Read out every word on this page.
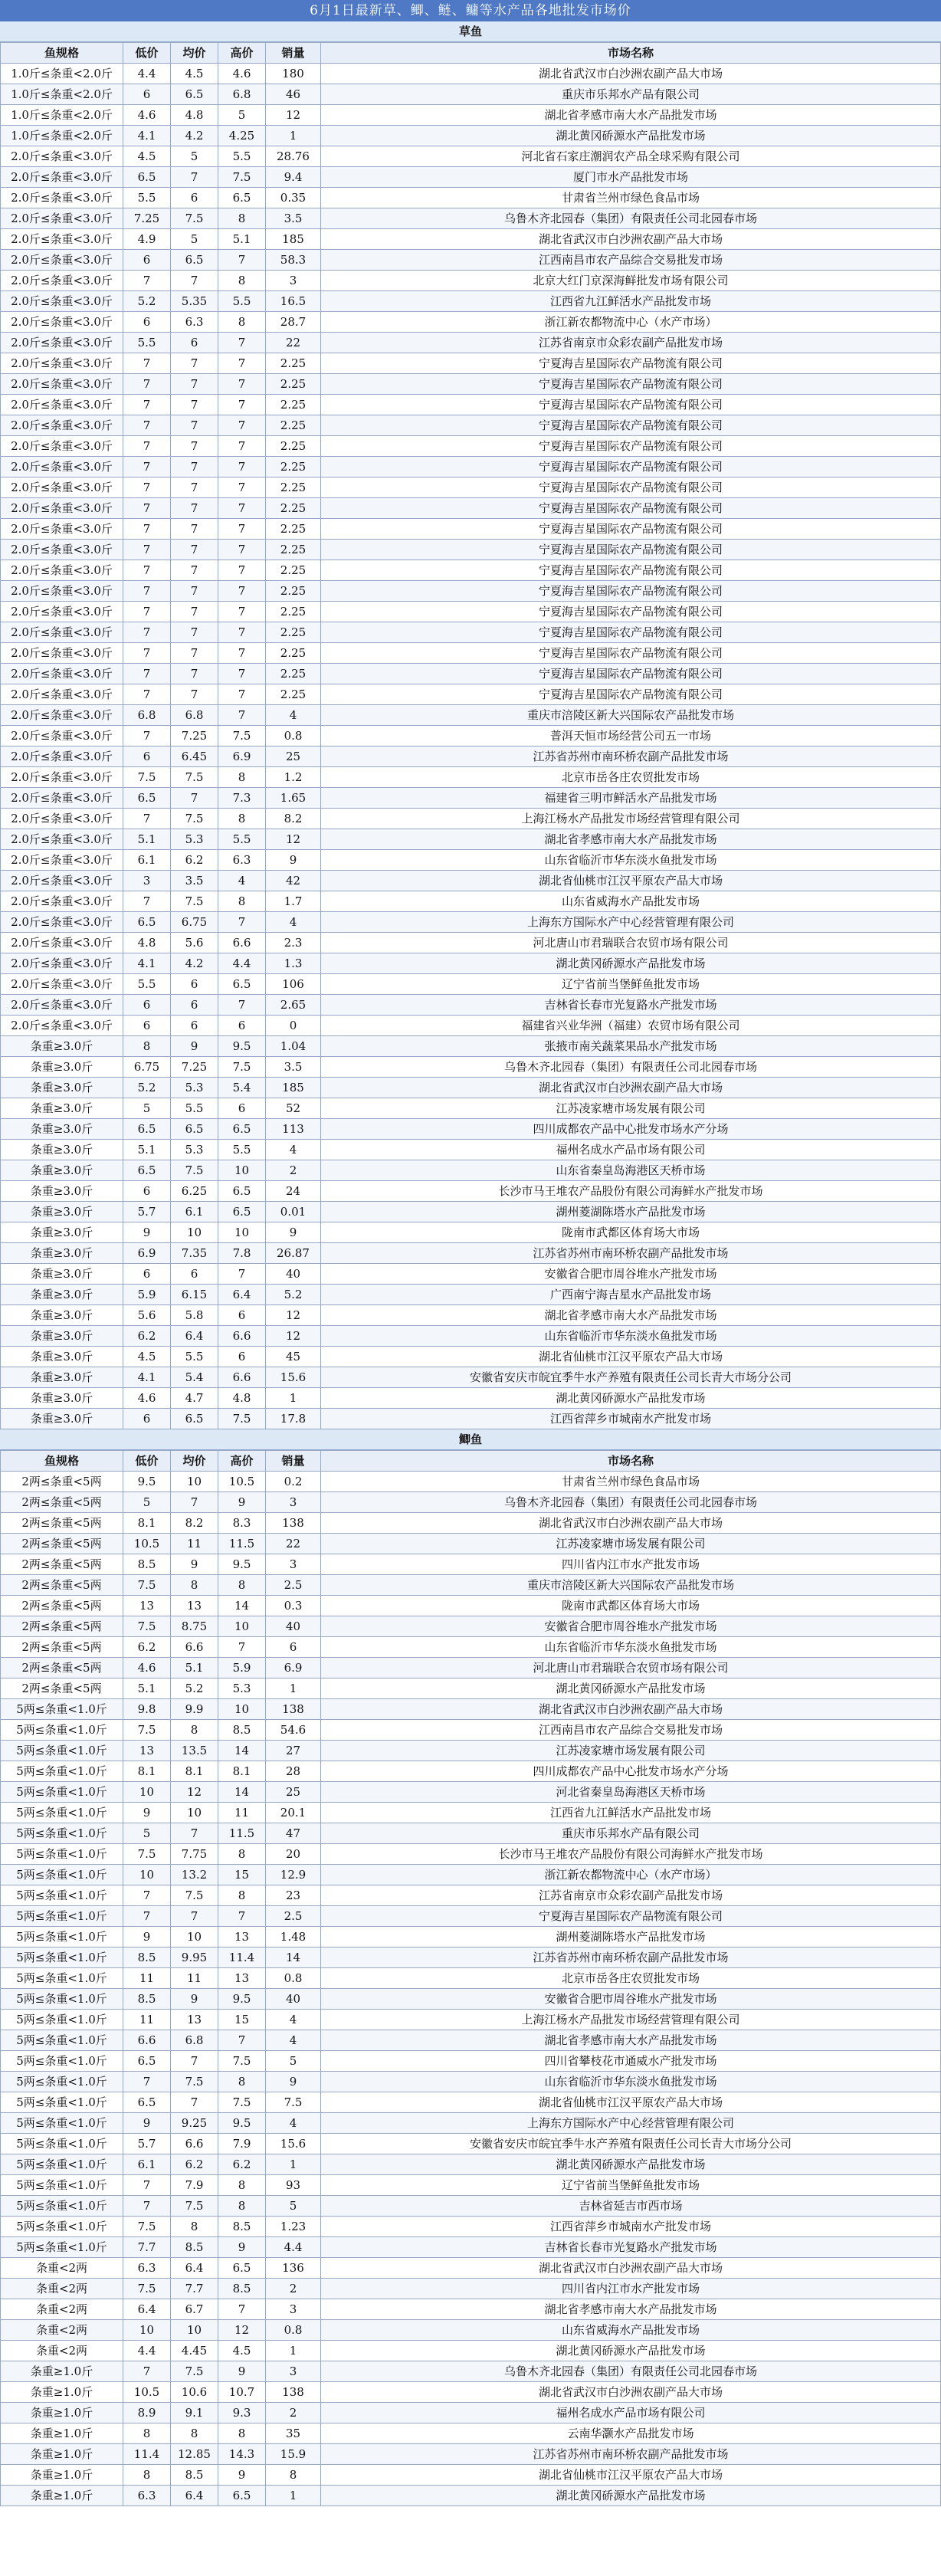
6月1日最新草、鲫、鲢、鳙等水产品各地批发市场价
草鱼
鱼规格	低价	均价	高价	销量	市场名称
1.0斤≤条重<2.0斤	4.4	4.5	4.6	180	湖北省武汉市白沙洲农副产品大市场
1.0斤≤条重<2.0斤	6	6.5	6.8	46	重庆市乐邦水产品有限公司
1.0斤≤条重<2.0斤	4.6	4.8	5	12	湖北省孝感市南大水产品批发市场
1.0斤≤条重<2.0斤	4.1	4.2	4.25	1	湖北黄冈硚源水产品批发市场
2.0斤≤条重<3.0斤	4.5	5	5.5	28.76	河北省石家庄潮润农产品全球采购有限公司
2.0斤≤条重<3.0斤	6.5	7	7.5	9.4	厦门市水产品批发市场
2.0斤≤条重<3.0斤	5.5	6	6.5	0.35	甘肃省兰州市绿色食品市场
2.0斤≤条重<3.0斤	7.25	7.5	8	3.5	乌鲁木齐北园春（集团）有限责任公司北园春市场
2.0斤≤条重<3.0斤	4.9	5	5.1	185	湖北省武汉市白沙洲农副产品大市场
2.0斤≤条重<3.0斤	6	6.5	7	58.3	江西南昌市农产品综合交易批发市场
2.0斤≤条重<3.0斤	7	7	8	3	北京大红门京深海鲜批发市场有限公司
2.0斤≤条重<3.0斤	5.2	5.35	5.5	16.5	江西省九江鲜活水产品批发市场
2.0斤≤条重<3.0斤	6	6.3	8	28.7	浙江新农都物流中心（水产市场）
2.0斤≤条重<3.0斤	5.5	6	7	22	江苏省南京市众彩农副产品批发市场
2.0斤≤条重<3.0斤	7	7	7	2.25	宁夏海吉星国际农产品物流有限公司
2.0斤≤条重<3.0斤	7	7	7	2.25	宁夏海吉星国际农产品物流有限公司
2.0斤≤条重<3.0斤	7	7	7	2.25	宁夏海吉星国际农产品物流有限公司
2.0斤≤条重<3.0斤	7	7	7	2.25	宁夏海吉星国际农产品物流有限公司
2.0斤≤条重<3.0斤	7	7	7	2.25	宁夏海吉星国际农产品物流有限公司
2.0斤≤条重<3.0斤	7	7	7	2.25	宁夏海吉星国际农产品物流有限公司
2.0斤≤条重<3.0斤	7	7	7	2.25	宁夏海吉星国际农产品物流有限公司
2.0斤≤条重<3.0斤	7	7	7	2.25	宁夏海吉星国际农产品物流有限公司
2.0斤≤条重<3.0斤	7	7	7	2.25	宁夏海吉星国际农产品物流有限公司
2.0斤≤条重<3.0斤	7	7	7	2.25	宁夏海吉星国际农产品物流有限公司
2.0斤≤条重<3.0斤	7	7	7	2.25	宁夏海吉星国际农产品物流有限公司
2.0斤≤条重<3.0斤	7	7	7	2.25	宁夏海吉星国际农产品物流有限公司
2.0斤≤条重<3.0斤	7	7	7	2.25	宁夏海吉星国际农产品物流有限公司
2.0斤≤条重<3.0斤	7	7	7	2.25	宁夏海吉星国际农产品物流有限公司
2.0斤≤条重<3.0斤	7	7	7	2.25	宁夏海吉星国际农产品物流有限公司
2.0斤≤条重<3.0斤	7	7	7	2.25	宁夏海吉星国际农产品物流有限公司
2.0斤≤条重<3.0斤	7	7	7	2.25	宁夏海吉星国际农产品物流有限公司
2.0斤≤条重<3.0斤	6.8	6.8	7	4	重庆市涪陵区新大兴国际农产品批发市场
2.0斤≤条重<3.0斤	7	7.25	7.5	0.8	普洱天恒市场经营公司五一市场
2.0斤≤条重<3.0斤	6	6.45	6.9	25	江苏省苏州市南环桥农副产品批发市场
2.0斤≤条重<3.0斤	7.5	7.5	8	1.2	北京市岳各庄农贸批发市场
2.0斤≤条重<3.0斤	6.5	7	7.3	1.65	福建省三明市鲜活水产品批发市场
2.0斤≤条重<3.0斤	7	7.5	8	8.2	上海江杨水产品批发市场经营管理有限公司
2.0斤≤条重<3.0斤	5.1	5.3	5.5	12	湖北省孝感市南大水产品批发市场
2.0斤≤条重<3.0斤	6.1	6.2	6.3	9	山东省临沂市华东淡水鱼批发市场
2.0斤≤条重<3.0斤	3	3.5	4	42	湖北省仙桃市江汉平原农产品大市场
2.0斤≤条重<3.0斤	7	7.5	8	1.7	山东省威海水产品批发市场
2.0斤≤条重<3.0斤	6.5	6.75	7	4	上海东方国际水产中心经营管理有限公司
2.0斤≤条重<3.0斤	4.8	5.6	6.6	2.3	河北唐山市君瑞联合农贸市场有限公司
2.0斤≤条重<3.0斤	4.1	4.2	4.4	1.3	湖北黄冈硚源水产品批发市场
2.0斤≤条重<3.0斤	5.5	6	6.5	106	辽宁省前当堡鲜鱼批发市场
2.0斤≤条重<3.0斤	6	6	7	2.65	吉林省长春市光复路水产批发市场
2.0斤≤条重<3.0斤	6	6	6	0	福建省兴业华洲（福建）农贸市场有限公司
条重≥3.0斤	8	9	9.5	1.04	张掖市南关蔬菜果品水产批发市场
条重≥3.0斤	6.75	7.25	7.5	3.5	乌鲁木齐北园春（集团）有限责任公司北园春市场
条重≥3.0斤	5.2	5.3	5.4	185	湖北省武汉市白沙洲农副产品大市场
条重≥3.0斤	5	5.5	6	52	江苏凌家塘市场发展有限公司
条重≥3.0斤	6.5	6.5	6.5	113	四川成都农产品中心批发市场水产分场
条重≥3.0斤	5.1	5.3	5.5	4	福州名成水产品市场有限公司
条重≥3.0斤	6.5	7.5	10	2	山东省秦皇岛海港区天桥市场
条重≥3.0斤	6	6.25	6.5	24	长沙市马王堆农产品股份有限公司海鲜水产批发市场
条重≥3.0斤	5.7	6.1	6.5	0.01	湖州菱湖陈塔水产品批发市场
条重≥3.0斤	9	10	10	9	陇南市武都区体育场大市场
条重≥3.0斤	6.9	7.35	7.8	26.87	江苏省苏州市南环桥农副产品批发市场
条重≥3.0斤	6	6	7	40	安徽省合肥市周谷堆水产批发市场
条重≥3.0斤	5.9	6.15	6.4	5.2	广西南宁海吉星水产品批发市场
条重≥3.0斤	5.6	5.8	6	12	湖北省孝感市南大水产品批发市场
条重≥3.0斤	6.2	6.4	6.6	12	山东省临沂市华东淡水鱼批发市场
条重≥3.0斤	4.5	5.5	6	45	湖北省仙桃市江汉平原农产品大市场
条重≥3.0斤	4.1	5.4	6.6	15.6	安徽省安庆市皖宜季牛水产养殖有限责任公司长青大市场分公司
条重≥3.0斤	4.6	4.7	4.8	1	湖北黄冈硚源水产品批发市场
条重≥3.0斤	6	6.5	7.5	17.8	江西省萍乡市城南水产批发市场
鲫鱼
鱼规格	低价	均价	高价	销量	市场名称
2两≤条重<5两	9.5	10	10.5	0.2	甘肃省兰州市绿色食品市场
2两≤条重<5两	5	7	9	3	乌鲁木齐北园春（集团）有限责任公司北园春市场
2两≤条重<5两	8.1	8.2	8.3	138	湖北省武汉市白沙洲农副产品大市场
2两≤条重<5两	10.5	11	11.5	22	江苏凌家塘市场发展有限公司
2两≤条重<5两	8.5	9	9.5	3	四川省内江市水产批发市场
2两≤条重<5两	7.5	8	8	2.5	重庆市涪陵区新大兴国际农产品批发市场
2两≤条重<5两	13	13	14	0.3	陇南市武都区体育场大市场
2两≤条重<5两	7.5	8.75	10	40	安徽省合肥市周谷堆水产批发市场
2两≤条重<5两	6.2	6.6	7	6	山东省临沂市华东淡水鱼批发市场
2两≤条重<5两	4.6	5.1	5.9	6.9	河北唐山市君瑞联合农贸市场有限公司
2两≤条重<5两	5.1	5.2	5.3	1	湖北黄冈硚源水产品批发市场
5两≤条重<1.0斤	9.8	9.9	10	138	湖北省武汉市白沙洲农副产品大市场
5两≤条重<1.0斤	7.5	8	8.5	54.6	江西南昌市农产品综合交易批发市场
5两≤条重<1.0斤	13	13.5	14	27	江苏凌家塘市场发展有限公司
5两≤条重<1.0斤	8.1	8.1	8.1	28	四川成都农产品中心批发市场水产分场
5两≤条重<1.0斤	10	12	14	25	河北省秦皇岛海港区天桥市场
5两≤条重<1.0斤	9	10	11	20.1	江西省九江鲜活水产品批发市场
5两≤条重<1.0斤	5	7	11.5	47	重庆市乐邦水产品有限公司
5两≤条重<1.0斤	7.5	7.75	8	20	长沙市马王堆农产品股份有限公司海鲜水产批发市场
5两≤条重<1.0斤	10	13.2	15	12.9	浙江新农都物流中心（水产市场）
5两≤条重<1.0斤	7	7.5	8	23	江苏省南京市众彩农副产品批发市场
5两≤条重<1.0斤	7	7	7	2.5	宁夏海吉星国际农产品物流有限公司
5两≤条重<1.0斤	9	10	13	1.48	湖州菱湖陈塔水产品批发市场
5两≤条重<1.0斤	8.5	9.95	11.4	14	江苏省苏州市南环桥农副产品批发市场
5两≤条重<1.0斤	11	11	13	0.8	北京市岳各庄农贸批发市场
5两≤条重<1.0斤	8.5	9	9.5	40	安徽省合肥市周谷堆水产批发市场
5两≤条重<1.0斤	11	13	15	4	上海江杨水产品批发市场经营管理有限公司
5两≤条重<1.0斤	6.6	6.8	7	4	湖北省孝感市南大水产品批发市场
5两≤条重<1.0斤	6.5	7	7.5	5	四川省攀枝花市通威水产批发市场
5两≤条重<1.0斤	7	7.5	8	9	山东省临沂市华东淡水鱼批发市场
5两≤条重<1.0斤	6.5	7	7.5	7.5	湖北省仙桃市江汉平原农产品大市场
5两≤条重<1.0斤	9	9.25	9.5	4	上海东方国际水产中心经营管理有限公司
5两≤条重<1.0斤	5.7	6.6	7.9	15.6	安徽省安庆市皖宜季牛水产养殖有限责任公司长青大市场分公司
5两≤条重<1.0斤	6.1	6.2	6.2	1	湖北黄冈硚源水产品批发市场
5两≤条重<1.0斤	7	7.9	8	93	辽宁省前当堡鲜鱼批发市场
5两≤条重<1.0斤	7	7.5	8	5	吉林省延吉市西市场
5两≤条重<1.0斤	7.5	8	8.5	1.23	江西省萍乡市城南水产批发市场
5两≤条重<1.0斤	7.7	8.5	9	4.4	吉林省长春市光复路水产批发市场
条重<2两	6.3	6.4	6.5	136	湖北省武汉市白沙洲农副产品大市场
条重<2两	7.5	7.7	8.5	2	四川省内江市水产批发市场
条重<2两	6.4	6.7	7	3	湖北省孝感市南大水产品批发市场
条重<2两	10	10	12	0.8	山东省威海水产品批发市场
条重<2两	4.4	4.45	4.5	1	湖北黄冈硚源水产品批发市场
条重≥1.0斤	7	7.5	9	3	乌鲁木齐北园春（集团）有限责任公司北园春市场
条重≥1.0斤	10.5	10.6	10.7	138	湖北省武汉市白沙洲农副产品大市场
条重≥1.0斤	8.9	9.1	9.3	2	福州名成水产品市场有限公司
条重≥1.0斤	8	8	8	35	云南华灏水产品批发市场
条重≥1.0斤	11.4	12.85	14.3	15.9	江苏省苏州市南环桥农副产品批发市场
条重≥1.0斤	8	8.5	9	8	湖北省仙桃市江汉平原农产品大市场
条重≥1.0斤	6.3	6.4	6.5	1	湖北黄冈硚源水产品批发市场
